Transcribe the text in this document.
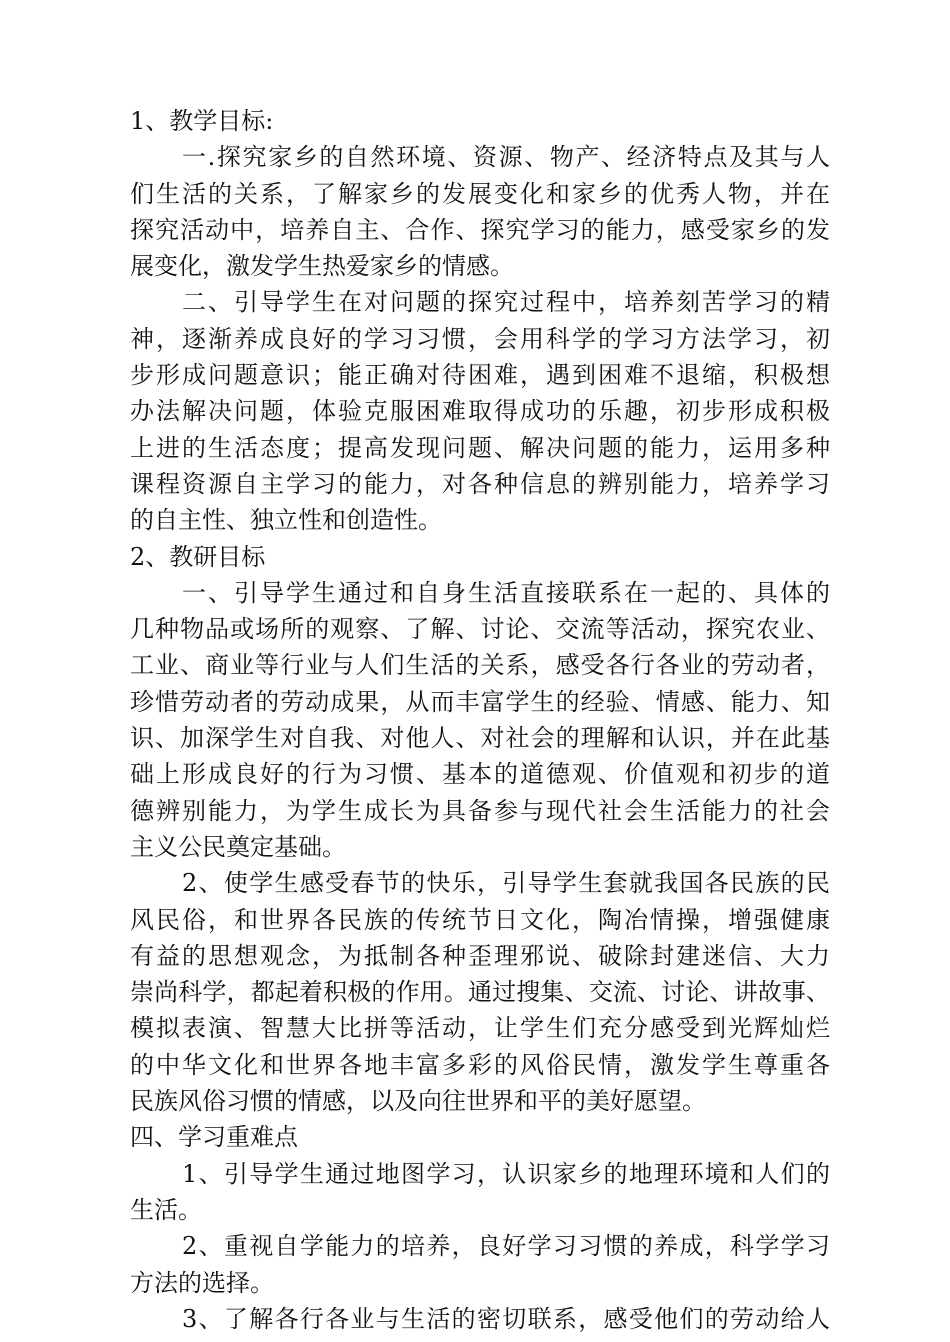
1、教学目标:
一.探究家乡的自然环境、资源、物产、经济特点及其与人
们生活的关系，了解家乡的发展变化和家乡的优秀人物，并在
探究活动中，培养自主、合作、探究学习的能力，感受家乡的发
展变化，激发学生热爱家乡的情感。
二、引导学生在对问题的探究过程中，培养刻苦学习的精
神，逐渐养成良好的学习习惯，会用科学的学习方法学习，初
步形成问题意识；能正确对待困难，遇到困难不退缩，积极想
办法解决问题，体验克服困难取得成功的乐趣，初步形成积极
上进的生活态度；提高发现问题、解决问题的能力，运用多种
课程资源自主学习的能力，对各种信息的辨别能力，培养学习
的自主性、独立性和创造性。
2、教研目标
一、引导学生通过和自身生活直接联系在一起的、具体的
几种物品或场所的观察、了解、讨论、交流等活动，探究农业、
工业、商业等行业与人们生活的关系，感受各行各业的劳动者，
珍惜劳动者的劳动成果，从而丰富学生的经验、情感、能力、知
识、加深学生对自我、对他人、对社会的理解和认识，并在此基
础上形成良好的行为习惯、基本的道德观、价值观和初步的道
德辨别能力，为学生成长为具备参与现代社会生活能力的社会
主义公民奠定基础。
2、使学生感受春节的快乐，引导学生套就我国各民族的民
风民俗，和世界各民族的传统节日文化，陶冶情操，增强健康
有益的思想观念，为抵制各种歪理邪说、破除封建迷信、大力
崇尚科学，都起着积极的作用。通过搜集、交流、讨论、讲故事、
模拟表演、智慧大比拼等活动，让学生们充分感受到光辉灿烂
的中华文化和世界各地丰富多彩的风俗民情，激发学生尊重各
民族风俗习惯的情感，以及向往世界和平的美好愿望。
四、学习重难点
1、引导学生通过地图学习，认识家乡的地理环境和人们的
生活。
2、重视自学能力的培养，良好学习习惯的养成，科学学习
方法的选择。
3、了解各行各业与生活的密切联系，感受他们的劳动给人
